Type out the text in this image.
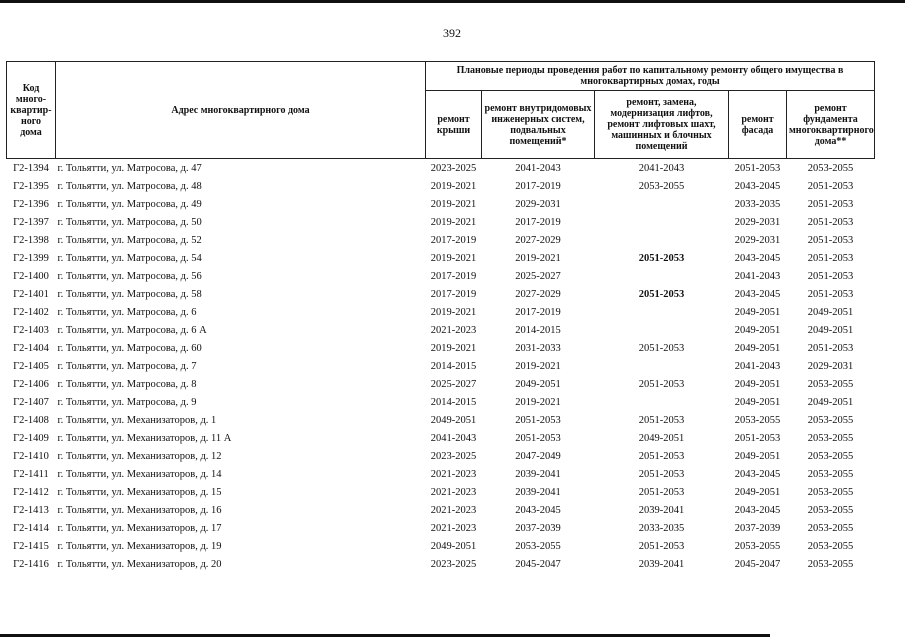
392
Код много-квартир-ного дома	Адрес многоквартирного дома	Плановые периоды проведения работ по капитальному ремонту общего имущества в многоквартирных домах, годы				
		ремонт крыши	ремонт внутридомовых инженерных систем, подвальных помещений*	ремонт, замена, модернизация лифтов, ремонт лифтовых шахт, машинных и блочных помещений	ремонт фасада	ремонт фундамента многоквартирного дома**
Г2-1394	г. Тольятти, ул. Матросова, д. 47	2023-2025	2041-2043	2041-2043	2051-2053	2053-2055
Г2-1395	г. Тольятти, ул. Матросова, д. 48	2019-2021	2017-2019	2053-2055	2043-2045	2051-2053
Г2-1396	г. Тольятти, ул. Матросова, д. 49	2019-2021	2029-2031		2033-2035	2051-2053
Г2-1397	г. Тольятти, ул. Матросова, д. 50	2019-2021	2017-2019		2029-2031	2051-2053
Г2-1398	г. Тольятти, ул. Матросова, д. 52	2017-2019	2027-2029		2029-2031	2051-2053
Г2-1399	г. Тольятти, ул. Матросова, д. 54	2019-2021	2019-2021	2051-2053	2043-2045	2051-2053
Г2-1400	г. Тольятти, ул. Матросова, д. 56	2017-2019	2025-2027		2041-2043	2051-2053
Г2-1401	г. Тольятти, ул. Матросова, д. 58	2017-2019	2027-2029	2051-2053	2043-2045	2051-2053
Г2-1402	г. Тольятти, ул. Матросова, д. 6	2019-2021	2017-2019		2049-2051	2049-2051
Г2-1403	г. Тольятти, ул. Матросова, д. 6 А	2021-2023	2014-2015		2049-2051	2049-2051
Г2-1404	г. Тольятти, ул. Матросова, д. 60	2019-2021	2031-2033	2051-2053	2049-2051	2051-2053
Г2-1405	г. Тольятти, ул. Матросова, д. 7	2014-2015	2019-2021		2041-2043	2029-2031
Г2-1406	г. Тольятти, ул. Матросова, д. 8	2025-2027	2049-2051	2051-2053	2049-2051	2053-2055
Г2-1407	г. Тольятти, ул. Матросова, д. 9	2014-2015	2019-2021		2049-2051	2049-2051
Г2-1408	г. Тольятти, ул. Механизаторов, д. 1	2049-2051	2051-2053	2051-2053	2053-2055	2053-2055
Г2-1409	г. Тольятти, ул. Механизаторов, д. 11 А	2041-2043	2051-2053	2049-2051	2051-2053	2053-2055
Г2-1410	г. Тольятти, ул. Механизаторов, д. 12	2023-2025	2047-2049	2051-2053	2049-2051	2053-2055
Г2-1411	г. Тольятти, ул. Механизаторов, д. 14	2021-2023	2039-2041	2051-2053	2043-2045	2053-2055
Г2-1412	г. Тольятти, ул. Механизаторов, д. 15	2021-2023	2039-2041	2051-2053	2049-2051	2053-2055
Г2-1413	г. Тольятти, ул. Механизаторов, д. 16	2021-2023	2043-2045	2039-2041	2043-2045	2053-2055
Г2-1414	г. Тольятти, ул. Механизаторов, д. 17	2021-2023	2037-2039	2033-2035	2037-2039	2053-2055
Г2-1415	г. Тольятти, ул. Механизаторов, д. 19	2049-2051	2053-2055	2051-2053	2053-2055	2053-2055
Г2-1416	г. Тольятти, ул. Механизаторов, д. 20	2023-2025	2045-2047	2039-2041	2045-2047	2053-2055
